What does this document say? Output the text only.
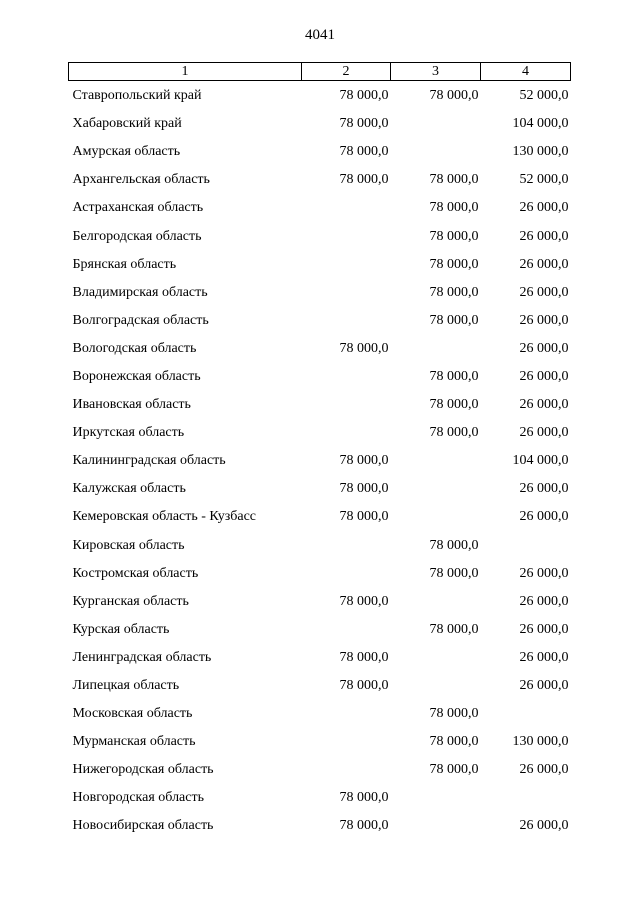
4041
1	2	3	4
Ставропольский край	78 000,0	78 000,0	52 000,0
Хабаровский край	78 000,0		104 000,0
Амурская область	78 000,0		130 000,0
Архангельская область	78 000,0	78 000,0	52 000,0
Астраханская область		78 000,0	26 000,0
Белгородская область		78 000,0	26 000,0
Брянская область		78 000,0	26 000,0
Владимирская область		78 000,0	26 000,0
Волгоградская область		78 000,0	26 000,0
Вологодская область	78 000,0		26 000,0
Воронежская область		78 000,0	26 000,0
Ивановская область		78 000,0	26 000,0
Иркутская область		78 000,0	26 000,0
Калининградская область	78 000,0		104 000,0
Калужская область	78 000,0		26 000,0
Кемеровская область - Кузбасс	78 000,0		26 000,0
Кировская область		78 000,0	
Костромская область		78 000,0	26 000,0
Курганская область	78 000,0		26 000,0
Курская область		78 000,0	26 000,0
Ленинградская область	78 000,0		26 000,0
Липецкая область	78 000,0		26 000,0
Московская область		78 000,0	
Мурманская область		78 000,0	130 000,0
Нижегородская область		78 000,0	26 000,0
Новгородская область	78 000,0		
Новосибирская область	78 000,0		26 000,0
